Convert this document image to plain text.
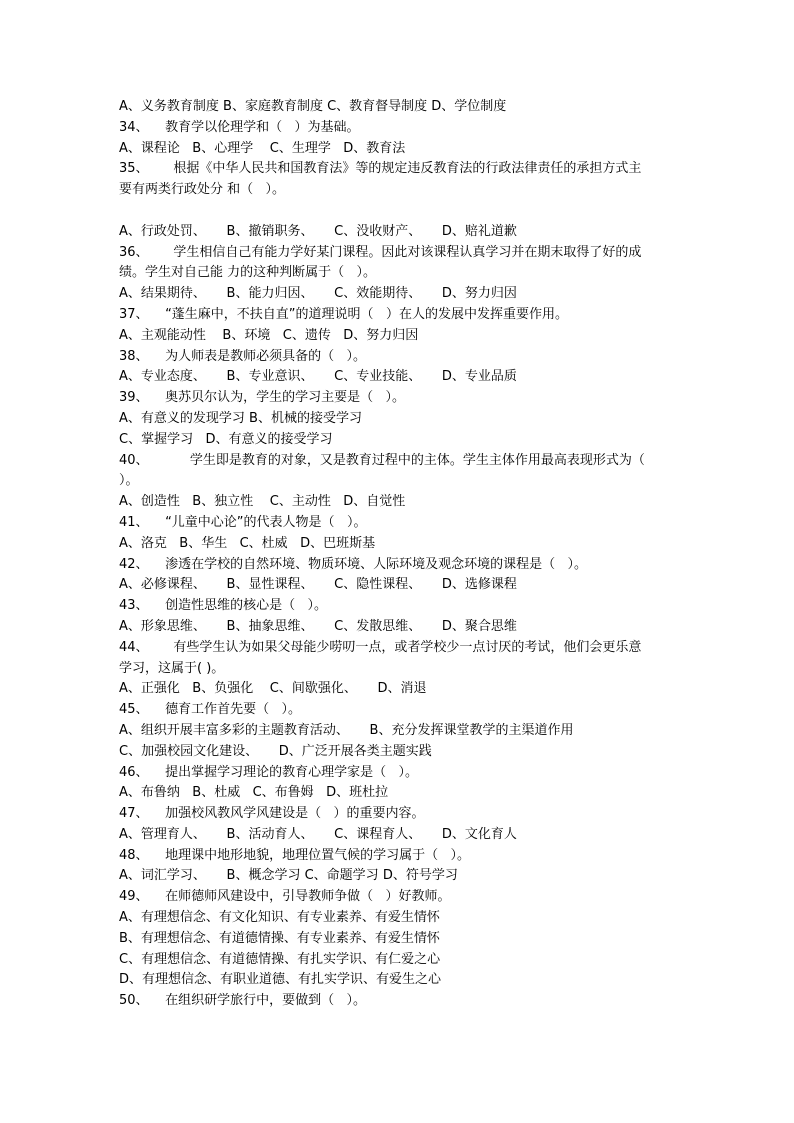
A、义务教育制度 B、家庭教育制度 C、教育督导制度 D、学位制度
34、    教育学以伦理学和（   ）为基础。
A、课程论   B、心理学    C、生理学   D、教育法
35、      根据《中华人民共和国教育法》等的规定违反教育法的行政法律责任的承担方式主
要有两类行政处分 和（   ）。
A、行政处罚、     B、撤销职务、     C、没收财产、     D、赔礼道歉
36、      学生相信自己有能力学好某门课程。因此对该课程认真学习并在期末取得了好的成
绩。学生对自己能 力的这种判断属于（   ）。
A、结果期待、     B、能力归因、     C、效能期待、     D、努力归因
37、    “蓬生麻中，不扶自直”的道理说明（   ）在人的发展中发挥重要作用。
A、主观能动性    B、环境   C、遗传   D、努力归因
38、    为人师表是教师必须具备的（   ）。
A、专业态度、     B、专业意识、     C、专业技能、     D、专业品质
39、    奥苏贝尔认为，学生的学习主要是（   ）。
A、有意义的发现学习 B、机械的接受学习
C、掌握学习   D、有意义的接受学习
40、          学生即是教育的对象，又是教育过程中的主体。学生主体作用最高表现形式为（
）。
A、创造性   B、独立性    C、主动性   D、自觉性
41、    “儿童中心论”的代表人物是（   ）。
A、洛克   B、华生   C、杜威   D、巴班斯基
42、    渗透在学校的自然环境、物质环境、人际环境及观念环境的课程是（   ）。
A、必修课程、     B、显性课程、     C、隐性课程、     D、选修课程
43、    创造性思维的核心是（   ）。
A、形象思维、     B、抽象思维、     C、发散思维、     D、聚合思维
44、      有些学生认为如果父母能少唠叨一点，或者学校少一点讨厌的考试，他们会更乐意
学习，这属于( )。
A、正强化   B、负强化    C、间歇强化、     D、消退
45、    德育工作首先要（   ）。
A、组织开展丰富多彩的主题教育活动、     B、充分发挥课堂教学的主渠道作用
C、加强校园文化建设、     D、广泛开展各类主题实践
46、    提出掌握学习理论的教育心理学家是（   ）。
A、布鲁纳   B、杜威   C、布鲁姆   D、班杜拉
47、    加强校风教风学风建设是（   ）的重要内容。
A、管理育人、     B、活动育人、     C、课程育人、     D、文化育人
48、    地理课中地形地貌，地理位置气候的学习属于（   ）。
A、词汇学习、     B、概念学习 C、命题学习 D、符号学习
49、    在师德师风建设中，引导教师争做（   ）好教师。
A、有理想信念、有文化知识、有专业素养、有爱生情怀
B、有理想信念、有道德情操、有专业素养、有爱生情怀
C、有理想信念、有道德情操、有扎实学识、有仁爱之心
D、有理想信念、有职业道德、有扎实学识、有爱生之心
50、    在组织研学旅行中，要做到（   ）。
